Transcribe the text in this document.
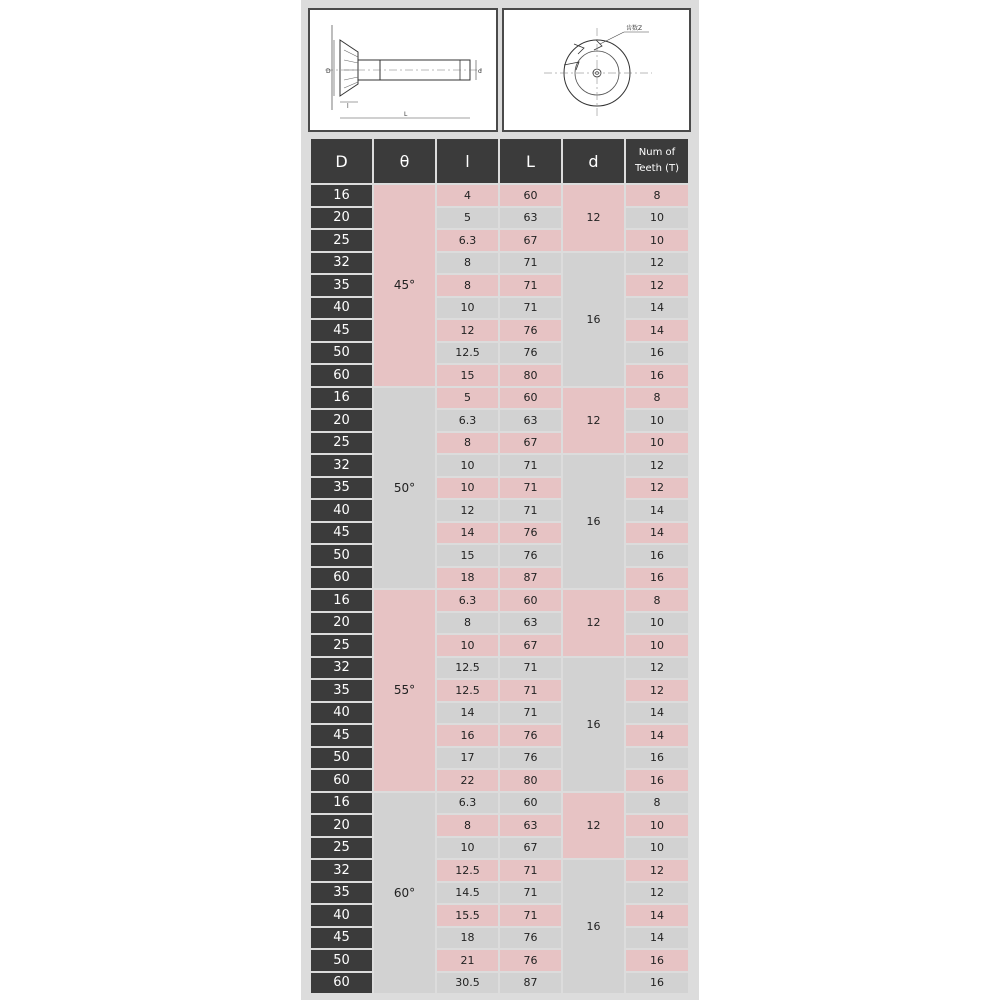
D	d
l
L
齿数Z
D	θ	l	L	d	Num of
Teeth (T)
16	45°	4	60	12	8
20		5	63		10
25		6.3	67		10
32		8	71	16	12
35		8	71		12
40		10	71		14
45		12	76		14
50		12.5	76		16
60		15	80		16
16	50°	5	60	12	8
20		6.3	63		10
25		8	67		10
32		10	71	16	12
35		10	71		12
40		12	71		14
45		14	76		14
50		15	76		16
60		18	87		16
16	55°	6.3	60	12	8
20		8	63		10
25		10	67		10
32		12.5	71	16	12
35		12.5	71		12
40		14	71		14
45		16	76		14
50		17	76		16
60		22	80		16
16	60°	6.3	60	12	8
20		8	63		10
25		10	67		10
32		12.5	71	16	12
35		14.5	71		12
40		15.5	71		14
45		18	76		14
50		21	76		16
60		30.5	87		16
